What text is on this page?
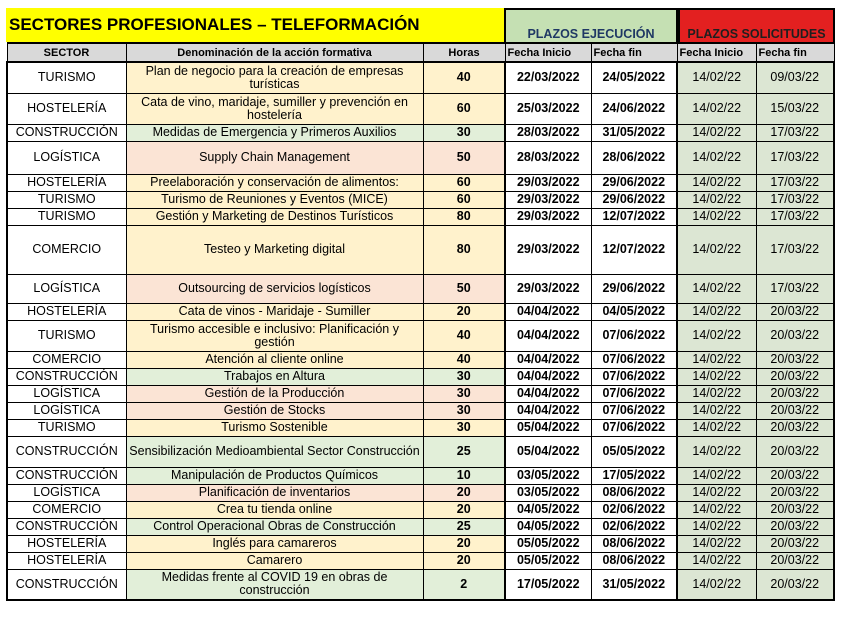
SECTORES PROFESIONALES – TELEFORMACIÓN	PLAZOS EJECUCIÓN	PLAZOS SOLICITUDES
SECTOR	Denominación de la acción formativa	Horas	Fecha Inicio	Fecha fin	Fecha Inicio	Fecha fin
TURISMO	Plan de negocio para la creación de empresas turísticas	40	22/03/2022	24/05/2022	14/02/22	09/03/22
HOSTELERÍA	Cata de vino, maridaje, sumiller y prevención en hostelería	60	25/03/2022	24/06/2022	14/02/22	15/03/22
CONSTRUCCIÓN	Medidas de Emergencia y Primeros Auxilios	30	28/03/2022	31/05/2022	14/02/22	17/03/22
LOGÍSTICA	Supply Chain Management	50	28/03/2022	28/06/2022	14/02/22	17/03/22
HOSTELERÍA	Preelaboración y conservación de alimentos:	60	29/03/2022	29/06/2022	14/02/22	17/03/22
TURISMO	Turismo de Reuniones y Eventos (MICE)	60	29/03/2022	29/06/2022	14/02/22	17/03/22
TURISMO	Gestión y Marketing de Destinos Turísticos	80	29/03/2022	12/07/2022	14/02/22	17/03/22
COMERCIO	Testeo y Marketing digital	80	29/03/2022	12/07/2022	14/02/22	17/03/22
LOGÍSTICA	Outsourcing de servicios logísticos	50	29/03/2022	29/06/2022	14/02/22	17/03/22
HOSTELERÍA	Cata de vinos - Maridaje - Sumiller	20	04/04/2022	04/05/2022	14/02/22	20/03/22
TURISMO	Turismo accesible e inclusivo: Planificación y gestión	40	04/04/2022	07/06/2022	14/02/22	20/03/22
COMERCIO	Atención al cliente online	40	04/04/2022	07/06/2022	14/02/22	20/03/22
CONSTRUCCIÓN	Trabajos en Altura	30	04/04/2022	07/06/2022	14/02/22	20/03/22
LOGÍSTICA	Gestión de la Producción	30	04/04/2022	07/06/2022	14/02/22	20/03/22
LOGÍSTICA	Gestión de Stocks	30	04/04/2022	07/06/2022	14/02/22	20/03/22
TURISMO	Turismo Sostenible	30	05/04/2022	07/06/2022	14/02/22	20/03/22
CONSTRUCCIÓN	Sensibilización Medioambiental Sector Construcción	25	05/04/2022	05/05/2022	14/02/22	20/03/22
CONSTRUCCIÓN	Manipulación de Productos Químicos	10	03/05/2022	17/05/2022	14/02/22	20/03/22
LOGÍSTICA	Planificación de inventarios	20	03/05/2022	08/06/2022	14/02/22	20/03/22
COMERCIO	Crea tu tienda online	20	04/05/2022	02/06/2022	14/02/22	20/03/22
CONSTRUCCIÓN	Control Operacional Obras de Construcción	25	04/05/2022	02/06/2022	14/02/22	20/03/22
HOSTELERÍA	Inglés para camareros	20	05/05/2022	08/06/2022	14/02/22	20/03/22
HOSTELERÍA	Camarero	20	05/05/2022	08/06/2022	14/02/22	20/03/22
CONSTRUCCIÓN	Medidas frente al COVID 19 en obras de construcción	2	17/05/2022	31/05/2022	14/02/22	20/03/22
